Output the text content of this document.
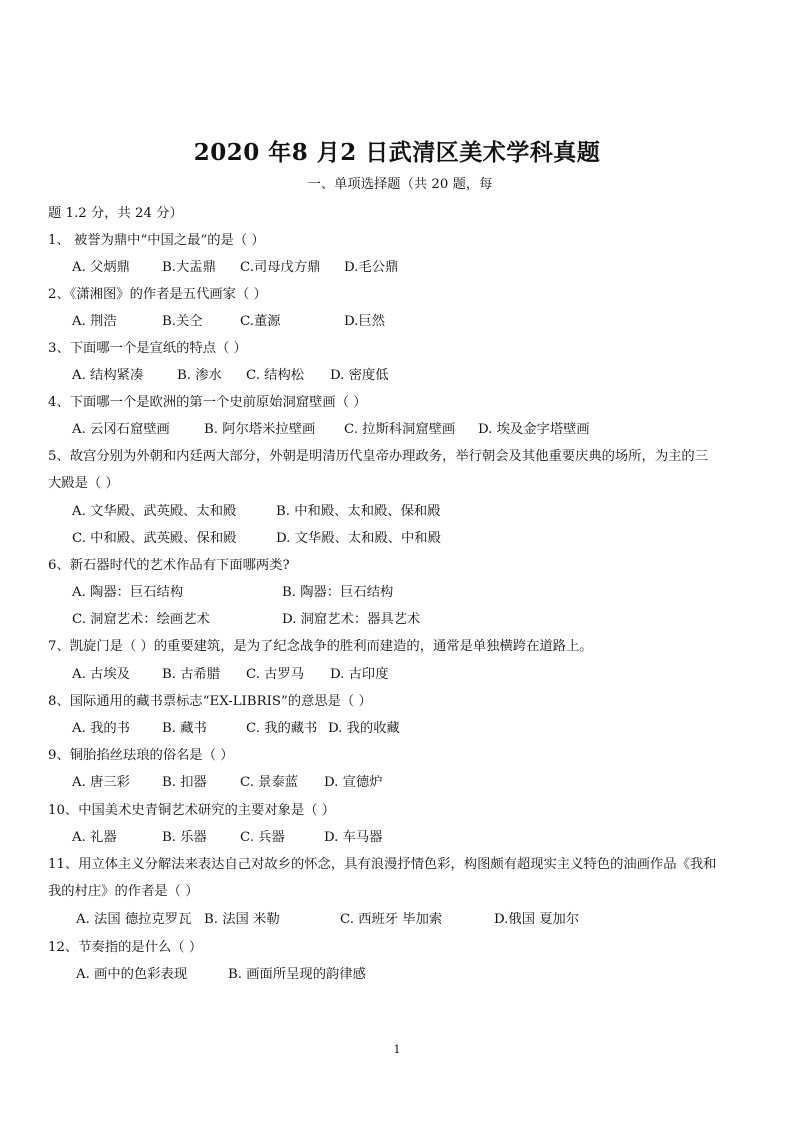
2020 年8 月2 日武清区美术学科真题
一、单项选择题（共 20 题，每
题 1.2 分，共 24 分）
1、 被誉为鼎中“中国之最”的是（ ）
A. 父炳鼎 B.大盂鼎 C.司母戊方鼎 D.毛公鼎
2、《潇湘图》的作者是五代画家（ ）
A. 荆浩	B.关仝	C.董源	D.巨然
3、下面哪一个是宣纸的特点（ ）
A. 结构紧凑	B. 渗水 C. 结构松 D. 密度低
4、下面哪一个是欧洲的第一个史前原始洞窟壁画（ ）
A. 云冈石窟壁画	B. 阿尔塔米拉壁画 C. 拉斯科洞窟壁画 D. 埃及金字塔壁画
5、故宫分别为外朝和内廷两大部分，外朝是明清历代皇帝办理政务，举行朝会及其他重要庆典的场所，为主的三
大殿是（ ）
A. 文华殿、武英殿、太和殿	B. 中和殿、太和殿、保和殿
C. 中和殿、武英殿、保和殿	D. 文华殿、太和殿、中和殿
6、新石器时代的艺术作品有下面哪两类?
A. 陶器：巨石结构	B. 陶器：巨石结构
C. 洞窟艺术：绘画艺术	D. 洞窟艺术：器具艺术
7、凯旋门是（ ）的重要建筑，是为了纪念战争的胜利而建造的，通常是单独横跨在道路上。
A. 古埃及 B. 古希腊 C. 古罗马 D. 古印度
8、国际通用的藏书票标志“EX-LIBRIS”的意思是（ ）
A. 我的书 B. 藏书	C. 我的藏书 D. 我的收藏
9、铜胎掐丝珐琅的俗名是（ ）
A. 唐三彩 B. 扣器 C. 景泰蓝 D. 宣德炉
10、中国美术史青铜艺术研究的主要对象是（ ）
A. 礼器	B. 乐器 C. 兵器	D. 车马器
11、用立体主义分解法来表达自己对故乡的怀念，具有浪漫抒情色彩，构图颇有超现实主义特色的油画作品《我和
我的村庄》的作者是（ ）
A. 法国 德拉克罗瓦 B. 法国 米勒	C. 西班牙 毕加索	D.俄国 夏加尔
12、节奏指的是什么（ ）
A. 画中的色彩表现	B. 画面所呈现的韵律感
1
